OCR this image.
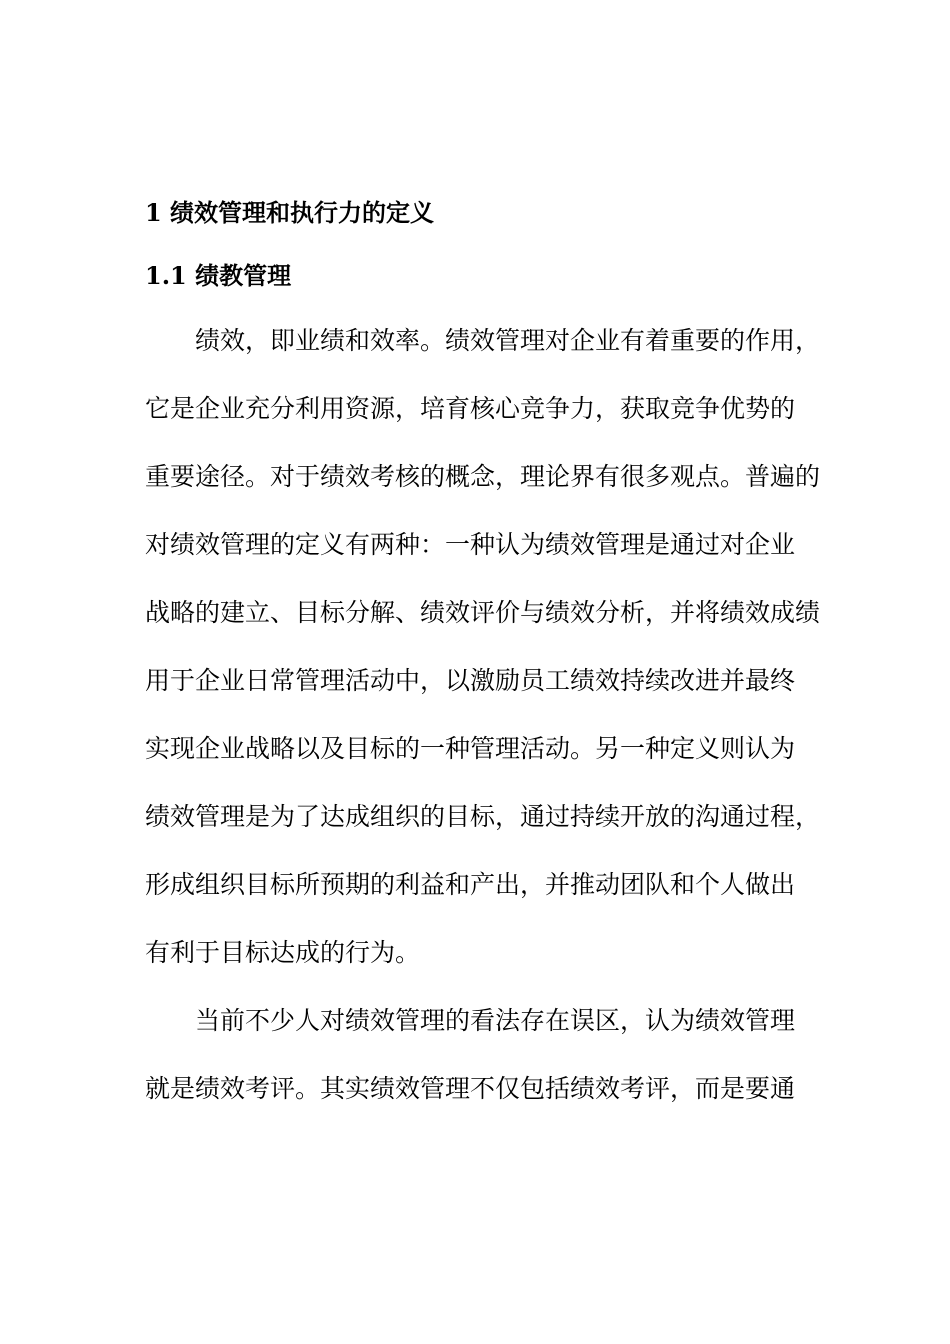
1 绩效管理和执行力的定义
1.1 绩教管理

绩效，即业绩和效率。绩效管理对企业有着重要的作用，

它是企业充分利用资源，培育核心竞争力，获取竞争优势的

重要途径。对于绩效考核的概念，理论界有很多观点。普遍的

对绩效管理的定义有两种：一种认为绩效管理是通过对企业

战略的建立、目标分解、绩效评价与绩效分析，并将绩效成绩

用于企业日常管理活动中，以激励员工绩效持续改进并最终

实现企业战略以及目标的一种管理活动。另一种定义则认为

绩效管理是为了达成组织的目标，通过持续开放的沟通过程，

形成组织目标所预期的利益和产出，并推动团队和个人做出

有利于目标达成的行为。

当前不少人对绩效管理的看法存在误区，认为绩效管理

就是绩效考评。其实绩效管理不仅包括绩效考评，而是要通
